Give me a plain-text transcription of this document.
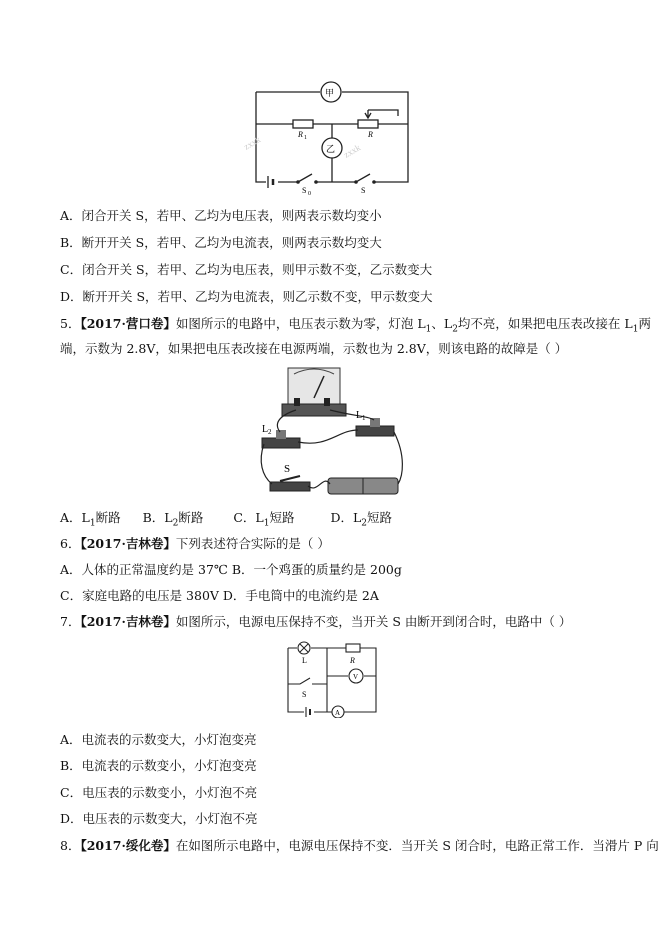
甲
乙
R 1	R
S 0	S
zxxk	zxxk
A．闭合开关 S，若甲、乙均为电压表，则两表示数均变小
B．断开开关 S，若甲、乙均为电流表，则两表示数均变大
C．闭合开关 S，若甲、乙均为电压表，则甲示数不变，乙示数变大
D．断开开关 S，若甲、乙均为电流表，则乙示数不变，甲示数变大
5．【2017·营口卷】如图所示的电路中，电压表示数为零，灯泡 $L_1$、$L_2$均不亮，如果把电压表改接在 $L_1$两
端，示数为 2.8V，如果把电压表改接在电源两端，示数也为 2.8V，则该电路的故障是（ ）
L 2
L 1
S
A．$L_1$断路 B．$L_2$断路 C．$L_1$短路	D．$L_2$短路
6．【2017·吉林卷】下列表述符合实际的是（ ）
A．人体的正常温度约是 37℃ B．一个鸡蛋的质量约是 200g
C．家庭电路的电压是 380V D．手电筒中的电流约是 2A
7．【2017·吉林卷】如图所示，电源电压保持不变，当开关 S 由断开到闭合时，电路中（ ）
L	R
S
V
A
A．电流表的示数变大，小灯泡变亮
B．电流表的示数变小，小灯泡变亮
C．电压表的示数变小，小灯泡不亮
D．电压表的示数变大，小灯泡不亮
8．【2017·绥化卷】在如图所示电路中，电源电压保持不变．当开关 S 闭合时，电路正常工作．当滑片 P 向
